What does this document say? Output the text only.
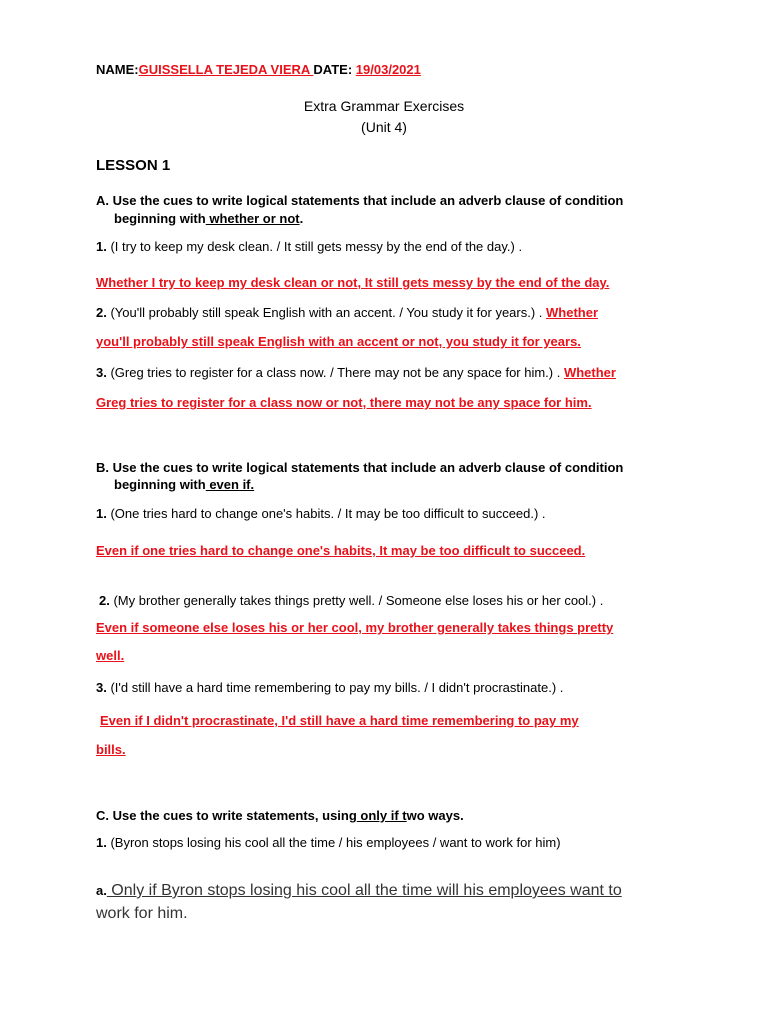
NAME:GUISSELLA TEJEDA VIERA DATE: 19/03/2021
Extra Grammar Exercises
(Unit 4)
LESSON 1
A. Use the cues to write logical statements that include an adverb clause of condition
beginning with whether or not.
1. (I try to keep my desk clean. / It still gets messy by the end of the day.) .
Whether I try to keep my desk clean or not, It still gets messy by the end of the day.
2. (You'll probably still speak English with an accent. / You study it for years.) . Whether
you'll probably still speak English with an accent or not, you study it for years.
3. (Greg tries to register for a class now. / There may not be any space for him.) . Whether
Greg tries to register for a class now or not, there may not be any space for him.
B. Use the cues to write logical statements that include an adverb clause of condition
beginning with even if.
1. (One tries hard to change one's habits. / It may be too difficult to succeed.) .
Even if one tries hard to change one's habits, It may be too difficult to succeed.
2. (My brother generally takes things pretty well. / Someone else loses his or her cool.) .
Even if someone else loses his or her cool, my brother generally takes things pretty
well.
3. (I'd still have a hard time remembering to pay my bills. / I didn't procrastinate.) .
Even if I didn't procrastinate, I'd still have a hard time remembering to pay my
bills.
C. Use the cues to write statements, using only if two ways.
1. (Byron stops losing his cool all the time / his employees / want to work for him)
a. Only if Byron stops losing his cool all the time will his employees want to
work for him.
